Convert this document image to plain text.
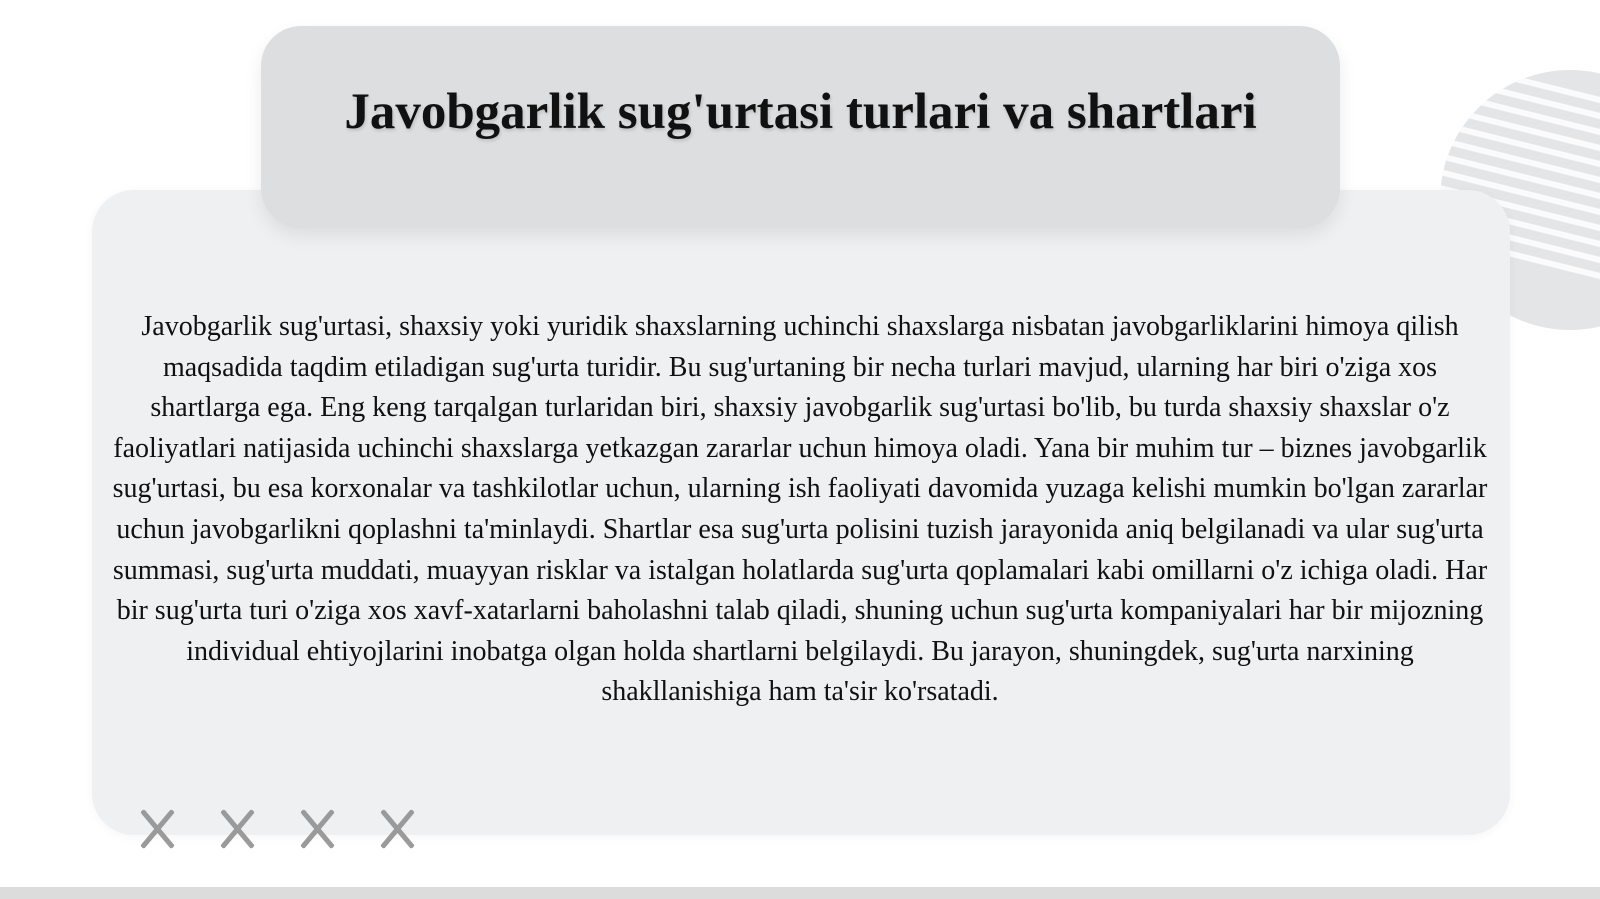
Javobgarlik sug'urtasi turlari va shartlari

Javobgarlik sug'urtasi, shaxsiy yoki yuridik shaxslarning uchinchi shaxslarga nisbatan javobgarliklarini himoya qilish maqsadida taqdim etiladigan sug'urta turidir. Bu sug'urtaning bir necha turlari mavjud, ularning har biri o'ziga xos shartlarga ega. Eng keng tarqalgan turlaridan biri, shaxsiy javobgarlik sug'urtasi bo'lib, bu turda shaxsiy shaxslar o'z faoliyatlari natijasida uchinchi shaxslarga yetkazgan zararlar uchun himoya oladi. Yana bir muhim tur – biznes javobgarlik sug'urtasi, bu esa korxonalar va tashkilotlar uchun, ularning ish faoliyati davomida yuzaga kelishi mumkin bo'lgan zararlar uchun javobgarlikni qoplashni ta'minlaydi. Shartlar esa sug'urta polisini tuzish jarayonida aniq belgilanadi va ular sug'urta summasi, sug'urta muddati, muayyan risklar va istalgan holatlarda sug'urta qoplamalari kabi omillarni o'z ichiga oladi. Har bir sug'urta turi o'ziga xos xavf-xatarlarni baholashni talab qiladi, shuning uchun sug'urta kompaniyalari har bir mijozning individual ehtiyojlarini inobatga olgan holda shartlarni belgilaydi. Bu jarayon, shuningdek, sug'urta narxining shakllanishiga ham ta'sir ko'rsatadi.
